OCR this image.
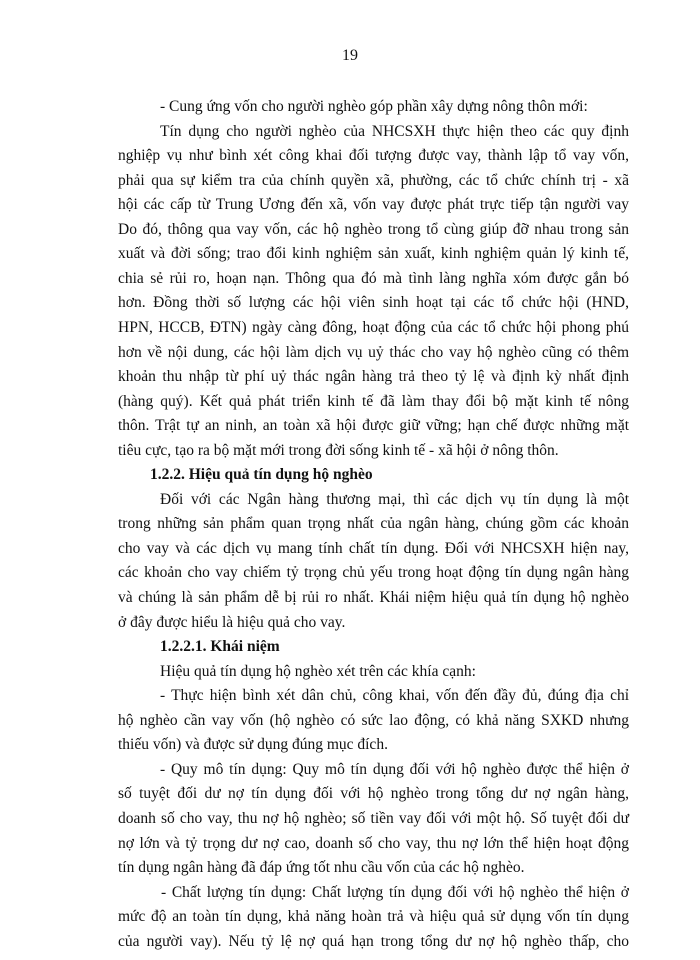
19
- Cung ứng vốn cho người nghèo góp phần xây dựng nông thôn mới:
Tín dụng cho người nghèo của NHCSXH thực hiện theo các quy định
nghiệp vụ như bình xét công khai đối tượng được vay, thành lập tổ vay vốn,
phải qua sự kiểm tra của chính quyền xã, phường, các tổ chức chính trị - xã
hội các cấp từ Trung Ương đến xã, vốn vay được phát trực tiếp tận người vay
Do đó, thông qua vay vốn, các hộ nghèo trong tổ cùng giúp đỡ nhau trong sản
xuất và đời sống; trao đổi kinh nghiệm sản xuất, kinh nghiệm quản lý kinh tế,
chia sẻ rủi ro, hoạn nạn. Thông qua đó mà tình làng nghĩa xóm được gắn bó
hơn. Đồng thời số lượng các hội viên sinh hoạt tại các tổ chức hội (HND,
HPN, HCCB, ĐTN) ngày càng đông, hoạt động của các tổ chức hội phong phú
hơn về nội dung, các hội làm dịch vụ uỷ thác cho vay hộ nghèo cũng có thêm
khoản thu nhập từ phí uỷ thác ngân hàng trả theo tỷ lệ và định kỳ nhất định
(hàng quý). Kết quả phát triển kinh tế đã làm thay đổi bộ mặt kinh tế nông
thôn. Trật tự an ninh, an toàn xã hội được giữ vững; hạn chế được những mặt
tiêu cực, tạo ra bộ mặt mới trong đời sống kinh tế - xã hội ở nông thôn.
1.2.2. Hiệu quả tín dụng hộ nghèo
Đối với các Ngân hàng thương mại, thì các dịch vụ tín dụng là một
trong những sản phẩm quan trọng nhất của ngân hàng, chúng gồm các khoản
cho vay và các dịch vụ mang tính chất tín dụng. Đối với NHCSXH hiện nay,
các khoản cho vay chiếm tỷ trọng chủ yếu trong hoạt động tín dụng ngân hàng
và chúng là sản phẩm dễ bị rủi ro nhất. Khái niệm hiệu quả tín dụng hộ nghèo
ở đây được hiểu là hiệu quả cho vay.
1.2.2.1. Khái niệm
Hiệu quả tín dụng hộ nghèo xét trên các khía cạnh:
- Thực hiện bình xét dân chủ, công khai, vốn đến đầy đủ, đúng địa chỉ
hộ nghèo cần vay vốn (hộ nghèo có sức lao động, có khả năng SXKD nhưng
thiếu vốn) và được sử dụng đúng mục đích.
- Quy mô tín dụng: Quy mô tín dụng đối với hộ nghèo được thể hiện ở
số tuyệt đối dư nợ tín dụng đối với hộ nghèo trong tổng dư nợ ngân hàng,
doanh số cho vay, thu nợ hộ nghèo; số tiền vay đối với một hộ. Số tuyệt đối dư
nợ lớn và tỷ trọng dư nợ cao, doanh số cho vay, thu nợ lớn thể hiện hoạt động
tín dụng ngân hàng đã đáp ứng tốt nhu cầu vốn của các hộ nghèo.
- Chất lượng tín dụng: Chất lượng tín dụng đối với hộ nghèo thể hiện ở
mức độ an toàn tín dụng, khả năng hoàn trả và hiệu quả sử dụng vốn tín dụng
của người vay). Nếu tỷ lệ nợ quá hạn trong tổng dư nợ hộ nghèo thấp, cho
